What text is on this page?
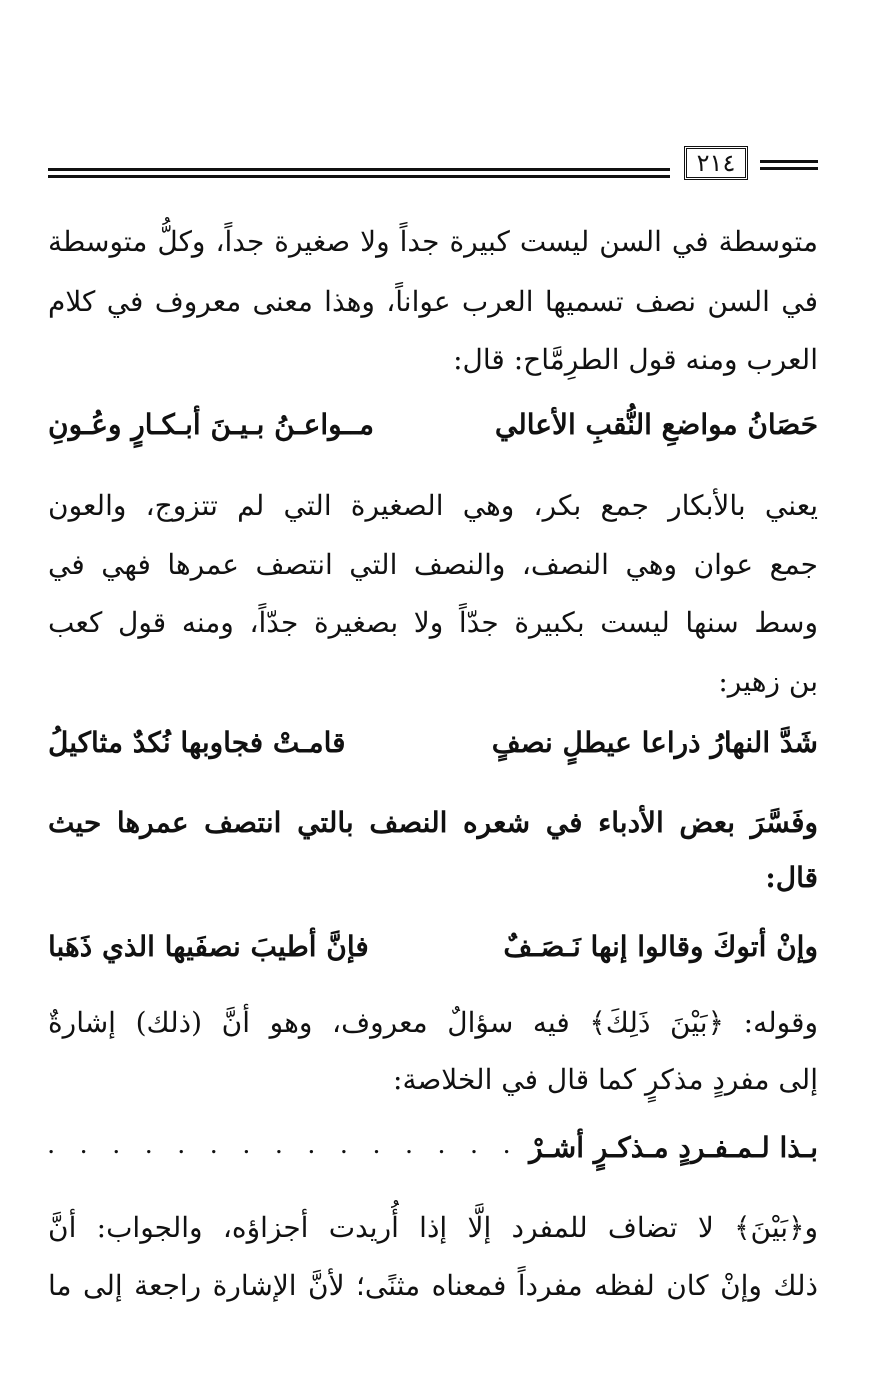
٢١٤
متوسطة في السن ليست كبيرة جداً ولا صغيرة جداً، وكلُّ متوسطة
في السن نصف تسميها العرب عواناً، وهذا معنى معروف في كلام
العرب ومنه قول الطرِمَّاح: قال:
حَصَانُ مواضعِ النُّقبِ الأعالي
مــواعـنُ بـيـنَ أبـكـارٍ وعُـونِ
يعني بالأبكار جمع بكر، وهي الصغيرة التي لم تتزوج، والعون
جمع عوان وهي النصف، والنصف التي انتصف عمرها فهي في
وسط سنها ليست بكبيرة جدّاً ولا بصغيرة جدّاً، ومنه قول كعب
بن زهير:
شَدَّ النهارُ ذراعا عيطلٍ نصفٍ
قامـتْ فجاوبها نُكدٌ مثاكيلُ
وفَسَّرَ بعض الأدباء في شعره النصف بالتي انتصف عمرها حيث
قال:
وإنْ أتوكَ وقالوا إنها نَـصَـفٌ
فإنَّ أطيبَ نصفَيها الذي ذَهَبا
وقوله: ﴿بَيْنَ ذَلِكَ﴾ فيه سؤالٌ معروف، وهو أنَّ (ذلك) إشارةٌ
إلى مفردٍ مذكرٍ كما قال في الخلاصة:
بـذا لـمـفـردٍ مـذكـرٍ أشـرْ
. . . . . . . . . . . . . . . .
و﴿بَيْنَ﴾ لا تضاف للمفرد إلَّا إذا أُريدت أجزاؤه، والجواب: أنَّ
ذلك وإنْ كان لفظه مفرداً فمعناه مثنًى؛ لأنَّ الإشارة راجعة إلى ما
